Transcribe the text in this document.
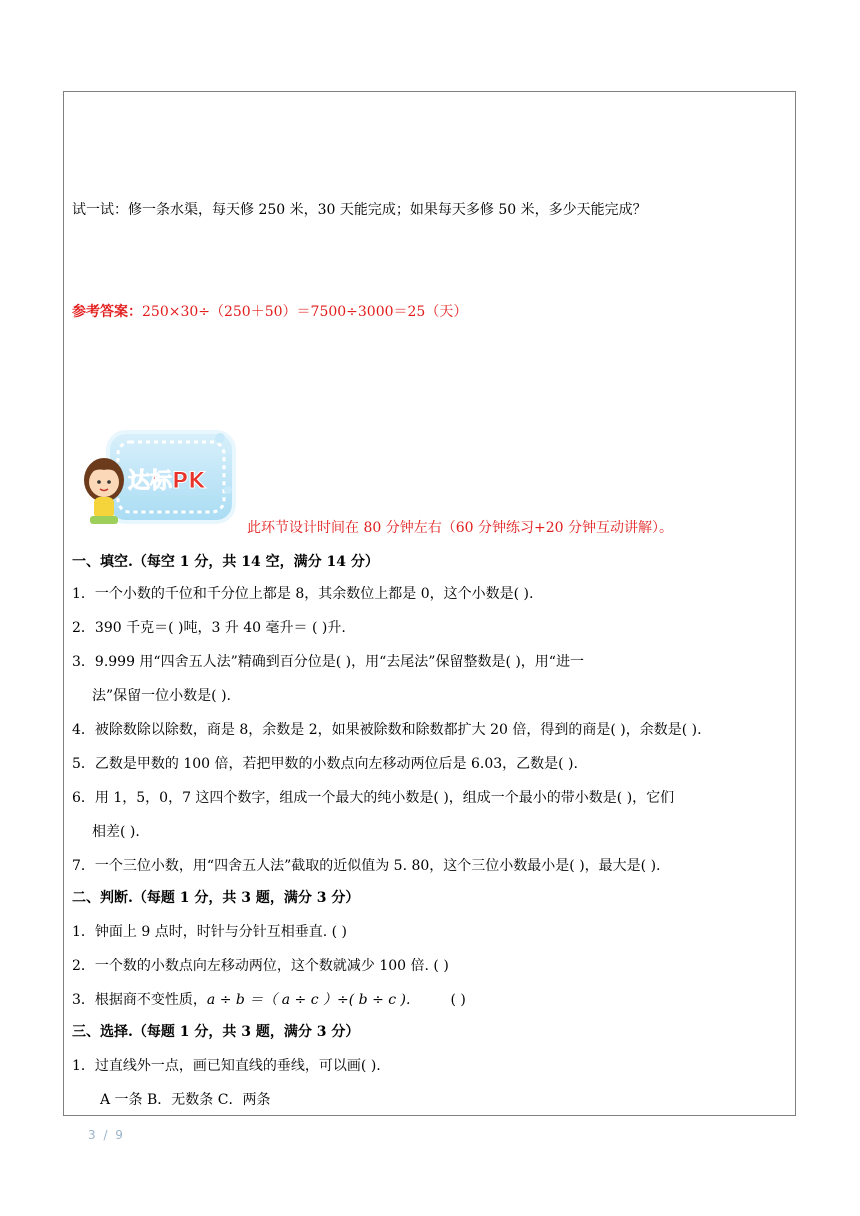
试一试：修一条水渠，每天修 250 米，30 天能完成；如果每天多修 50 米，多少天能完成？
参考答案：250×30÷（250＋50）＝7500÷3000＝25（天）
达标PK
此环节设计时间在 80 分钟左右（60 分钟练习+20 分钟互动讲解）。
一、填空.（每空 1 分，共 14 空，满分 14 分）
1．一个小数的千位和千分位上都是 8，其余数位上都是 0，这个小数是( ).
2．390 千克＝( )吨，3 升 40 毫升＝ ( )升.
3．9.999 用“四舍五人法”精确到百分位是( )，用“去尾法”保留整数是( )，用“进一
法”保留一位小数是( ).
4．被除数除以除数，商是 8，余数是 2，如果被除数和除数都扩大 20 倍，得到的商是( )，余数是( ).
5．乙数是甲数的 100 倍，若把甲数的小数点向左移动两位后是 6.03，乙数是( ).
6．用 1，5，0，7 这四个数字，组成一个最大的纯小数是( )，组成一个最小的带小数是( )，它们
相差( ).
7．一个三位小数，用“四舍五人法”截取的近似值为 5. 80，这个三位小数最小是( )，最大是( ).
二、判断.（每题 1 分，共 3 题，满分 3 分）
1．钟面上 9 点时，时针与分针互相垂直. ( )
2．一个数的小数点向左移动两位，这个数就减少 100 倍. ( )
3．根据商不变性质，a ÷ b ＝（ a ÷ c ）÷( b ÷ c ).	( )
三、选择.（每题 1 分，共 3 题，满分 3 分）
1．过直线外一点，画已知直线的垂线，可以画( ).
A 一条 B．无数条 C．两条
3 / 9
